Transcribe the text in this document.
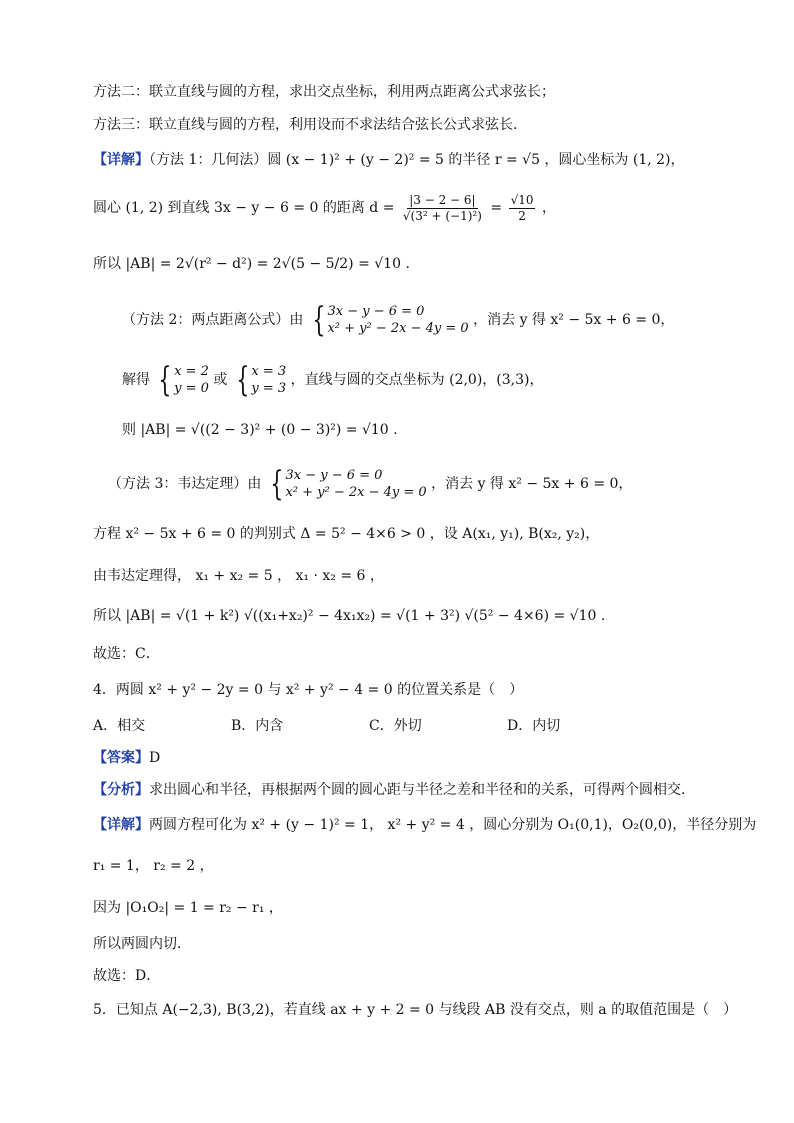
方法二：联立直线与圆的方程，求出交点坐标，利用两点距离公式求弦长；
方法三：联立直线与圆的方程，利用设而不求法结合弦长公式求弦长.
【详解】（方法 1：几何法）圆 (x − 1)² + (y − 2)² = 5 的半径 r = √5 ，圆心坐标为 (1, 2)，
圆心 (1, 2) 到直线 3x − y − 6 = 0 的距离 $d = \frac{|3 - 2 - 6|}{\text{√(3² + (−1)²)}} = \frac{√10}{2}$ ，
所以 |AB| = 2√(r² − d²) = 2√(5 − 5/2) = √10 .
（方法 2：两点距离公式）由 { 3x − y − 6 = 0
x² + y² − 2x − 4y = 0
，消去 y 得 x² − 5x + 6 = 0，
解得 { x = 2
y = 0
或 { x = 3
y = 3
，直线与圆的交点坐标为 (2,0)，(3,3)，
则 |AB| = √((2 − 3)² + (0 − 3)²) = √10 .
（方法 3：韦达定理）由 { 3x − y − 6 = 0
x² + y² − 2x − 4y = 0
，消去 y 得 x² − 5x + 6 = 0，
方程 x² − 5x + 6 = 0 的判别式 Δ = 5² − 4×6 > 0 ，设 A(x₁, y₁), B(x₂, y₂)，
由韦达定理得， x₁ + x₂ = 5 ， x₁ · x₂ = 6 ，
所以 |AB| = √(1 + k²) √((x₁+x₂)² − 4x₁x₂) = √(1 + 3²) √(5² − 4×6) = √10 .
故选：C．
4．两圆 x² + y² − 2y = 0 与 x² + y² − 4 = 0 的位置关系是（　）
A．相交	B．内含	C．外切	D．内切
【答案】D
【分析】求出圆心和半径，再根据两个圆的圆心距与半径之差和半径和的关系，可得两个圆相交．
【详解】两圆方程可化为 x² + (y − 1)² = 1， x² + y² = 4 ，圆心分别为 O₁(0,1)，O₂(0,0)，半径分别为
r₁ = 1， r₂ = 2 ，
因为 |O₁O₂| = 1 = r₂ − r₁ ，
所以两圆内切．
故选：D．
5．已知点 A(−2,3), B(3,2)，若直线 ax + y + 2 = 0 与线段 AB 没有交点，则 a 的取值范围是（　）
